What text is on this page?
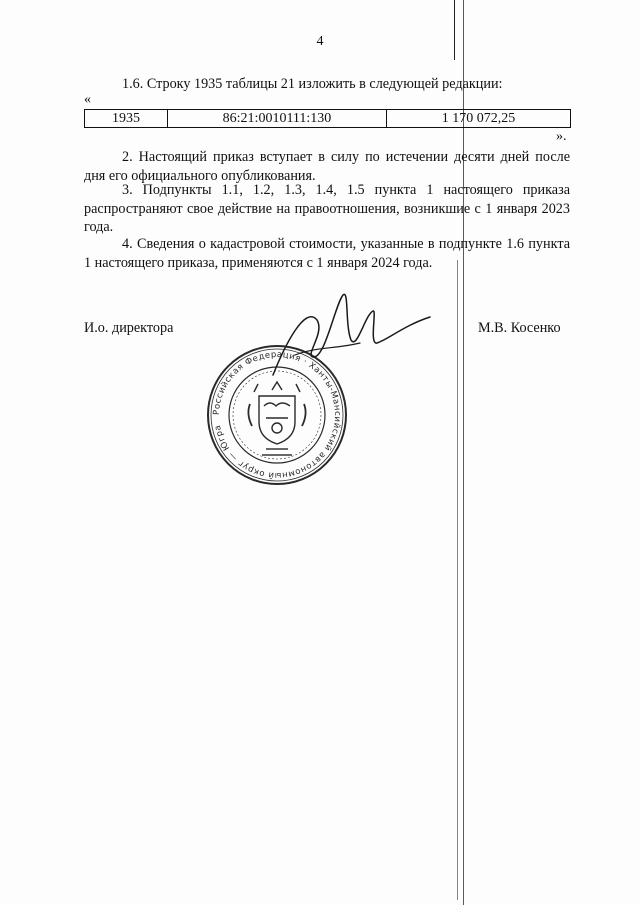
4
1.6. Строку 1935 таблицы 21 изложить в следующей редакции:
«
1935	86:21:0010111:130	1 170 072,25
».
2. Настоящий приказ вступает в силу по истечении десяти дней после дня его официального опубликования.
3. Подпункты 1.1, 1.2, 1.3, 1.4, 1.5 пункта 1 настоящего приказа распространяют свое действие на правоотношения, возникшие с 1 января 2023 года.
4. Сведения о кадастровой стоимости, указанные в подпункте 1.6 пункта 1 настоящего приказа, применяются с 1 января 2024 года.
И.о. директора	М.В. Косенко
Российская Федерация · Ханты-Мансийский автономный округ — Югра
